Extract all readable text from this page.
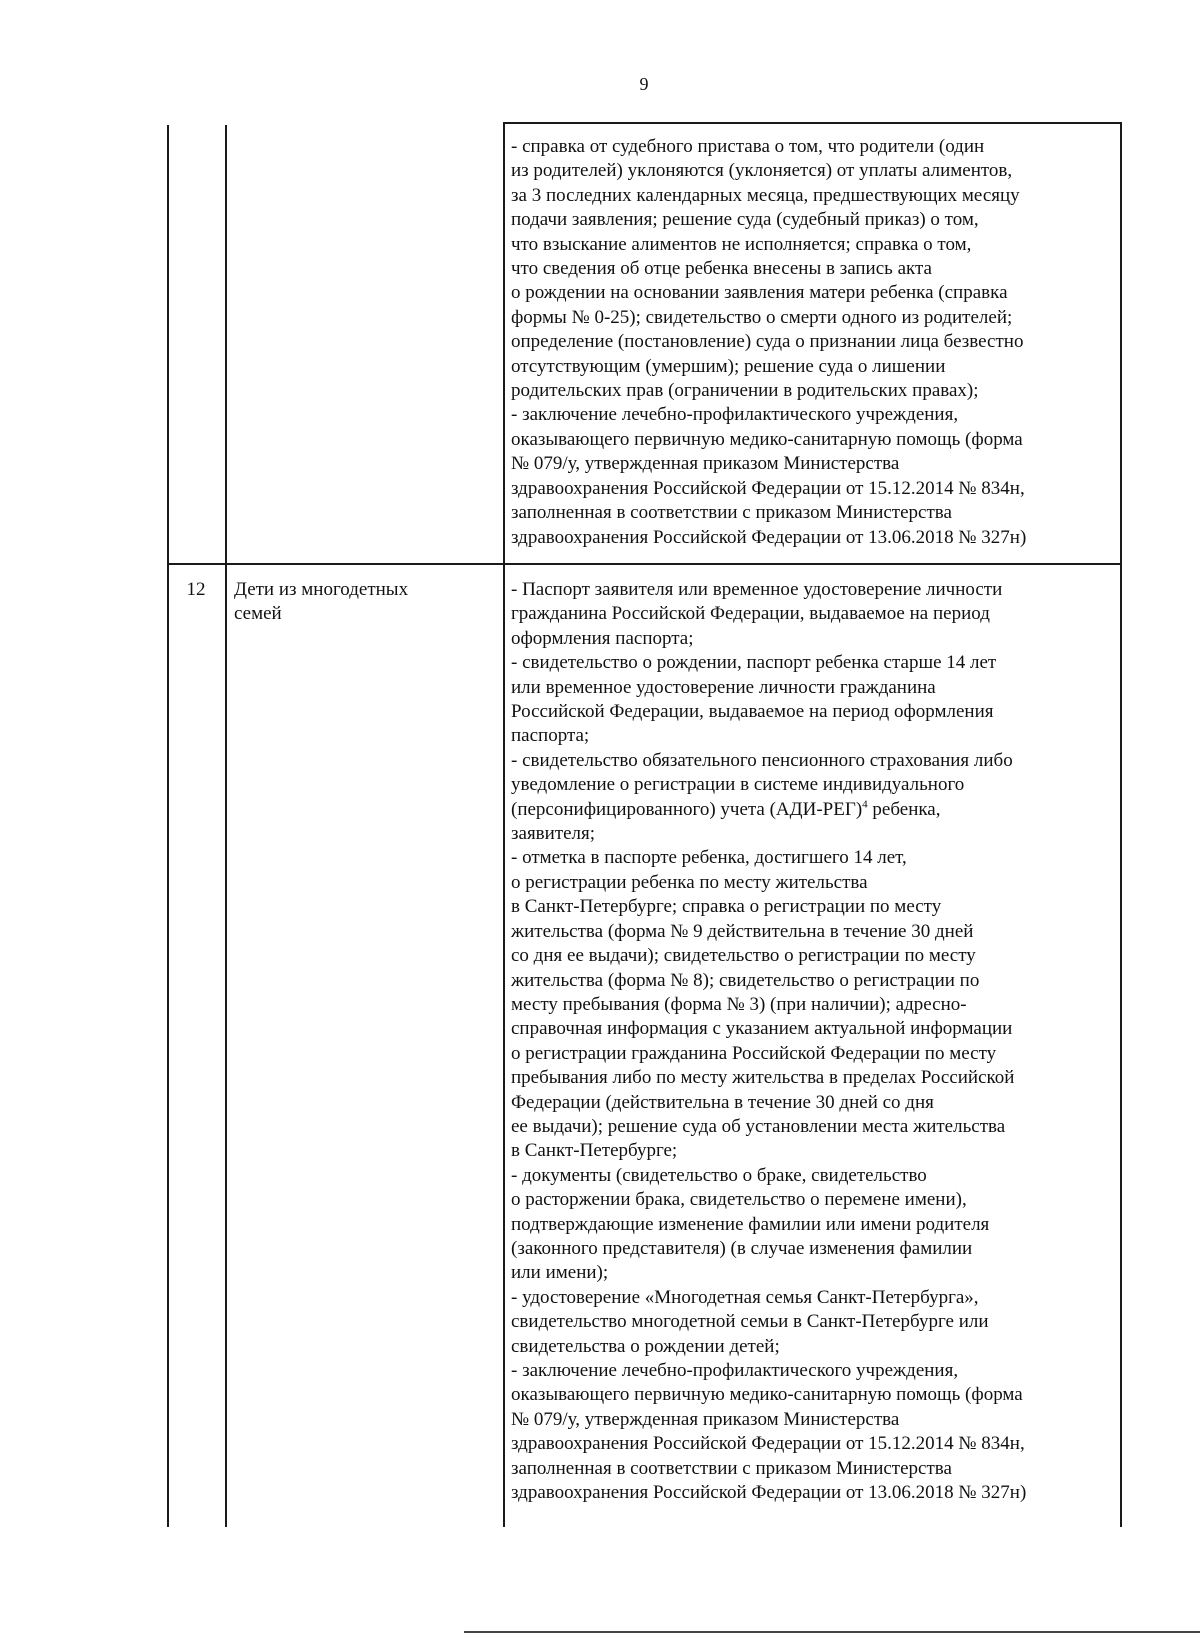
9
- справка от судебного пристава о том, что родители (один
из родителей) уклоняются (уклоняется) от уплаты алиментов,
за 3 последних календарных месяца, предшествующих месяцу
подачи заявления; решение суда (судебный приказ) о том,
что взыскание алиментов не исполняется; справка о том,
что сведения об отце ребенка внесены в запись акта
о рождении на основании заявления матери ребенка (справка
формы № 0-25); свидетельство о смерти одного из родителей;
определение (постановление) суда о признании лица безвестно
отсутствующим (умершим); решение суда о лишении
родительских прав (ограничении в родительских правах);
- заключение лечебно-профилактического учреждения,
оказывающего первичную медико-санитарную помощь (форма
№ 079/у, утвержденная приказом Министерства
здравоохранения Российской Федерации от 15.12.2014 № 834н,
заполненная в соответствии с приказом Министерства
здравоохранения Российской Федерации от 13.06.2018 № 327н)
12	Дети из многодетных
семей
- Паспорт заявителя или временное удостоверение личности
гражданина Российской Федерации, выдаваемое на период
оформления паспорта;
- свидетельство о рождении, паспорт ребенка старше 14 лет
или временное удостоверение личности гражданина
Российской Федерации, выдаваемое на период оформления
паспорта;
- свидетельство обязательного пенсионного страхования либо
уведомление о регистрации в системе индивидуального
(персонифицированного) учета $(АДИ-РЕГ)^4$ ребенка,
заявителя;
- отметка в паспорте ребенка, достигшего 14 лет,
о регистрации ребенка по месту жительства
в Санкт-Петербурге; справка о регистрации по месту
жительства (форма № 9 действительна в течение 30 дней
со дня ее выдачи); свидетельство о регистрации по месту
жительства (форма № 8); свидетельство о регистрации по
месту пребывания (форма № 3) (при наличии); адресно-
справочная информация с указанием актуальной информации
о регистрации гражданина Российской Федерации по месту
пребывания либо по месту жительства в пределах Российской
Федерации (действительна в течение 30 дней со дня
ее выдачи); решение суда об установлении места жительства
в Санкт-Петербурге;
- документы (свидетельство о браке, свидетельство
о расторжении брака, свидетельство о перемене имени),
подтверждающие изменение фамилии или имени родителя
(законного представителя) (в случае изменения фамилии
или имени);
- удостоверение «Многодетная семья Санкт-Петербурга»,
свидетельство многодетной семьи в Санкт-Петербурге или
свидетельства о рождении детей;
- заключение лечебно-профилактического учреждения,
оказывающего первичную медико-санитарную помощь (форма
№ 079/у, утвержденная приказом Министерства
здравоохранения Российской Федерации от 15.12.2014 № 834н,
заполненная в соответствии с приказом Министерства
здравоохранения Российской Федерации от 13.06.2018 № 327н)
